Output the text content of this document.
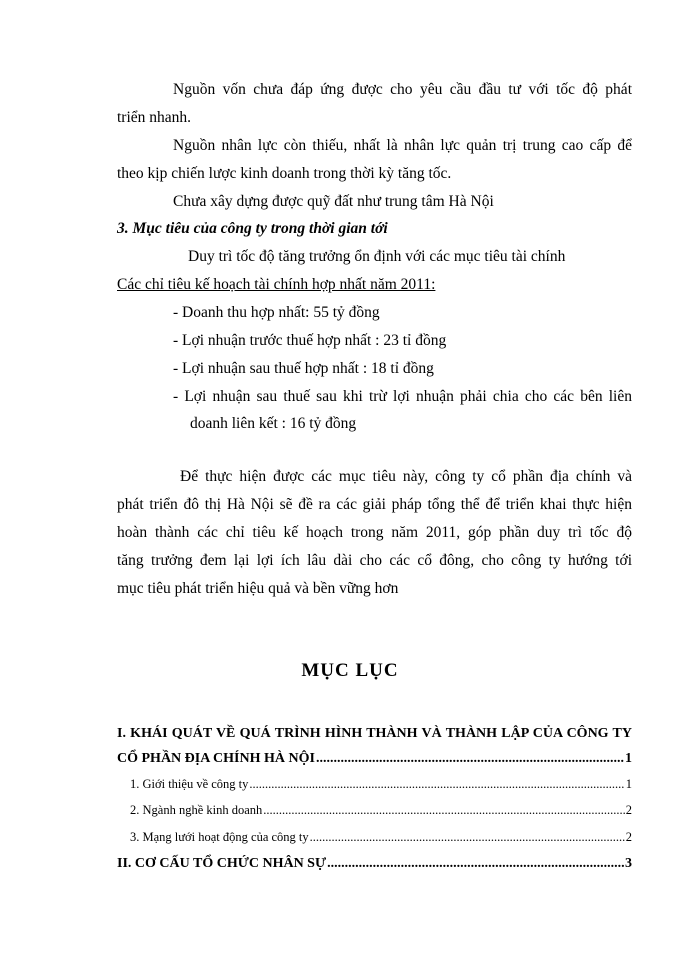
Nguồn vốn chưa đáp ứng được cho yêu cầu đầu tư với tốc độ phát
triển nhanh.
Nguồn nhân lực còn thiếu, nhất là nhân lực quản trị trung cao cấp để
theo kịp chiến lược kinh doanh trong thời kỳ tăng tốc.
Chưa xây dựng được quỹ đất như trung tâm Hà Nội
3. Mục tiêu của công ty trong thời gian tới
Duy trì tốc độ tăng trưởng ổn định với các mục tiêu tài chính
Các chỉ tiêu kế hoạch tài chính hợp nhất năm 2011:
- Doanh thu hợp nhất: 55 tỷ đồng
- Lợi nhuận trước thuế hợp nhất : 23 tỉ đồng
- Lợi nhuận sau thuế hợp nhất : 18 tỉ đồng
- Lợi nhuận sau thuế sau khi trừ lợi nhuận phải chia cho các bên liên
doanh liên kết : 16 tỷ đồng
Để thực hiện được các mục tiêu này, công ty cổ phần địa chính và
phát triển đô thị Hà Nội sẽ đề ra các giải pháp tổng thể để triển khai thực hiện
hoàn thành các chỉ tiêu kế hoạch trong năm 2011, góp phần duy trì tốc độ
tăng trưởng đem lại lợi ích lâu dài cho các cổ đông, cho công ty hướng tới
mục tiêu phát triển hiệu quả và bền vững hơn
MỤC LỤC
I. KHÁI QUÁT VỀ QUÁ TRÌNH HÌNH THÀNH VÀ THÀNH LẬP CỦA CÔNG TY
CỔ PHẦN ĐỊA CHÍNH HÀ NỘI .....	1
1. Giới thiệu về công ty .....	1
2. Ngành nghề kinh doanh .....	2
3. Mạng lưới hoạt động của công ty .....	2
II. CƠ CẤU TỔ CHỨC NHÂN SỰ .....	3
